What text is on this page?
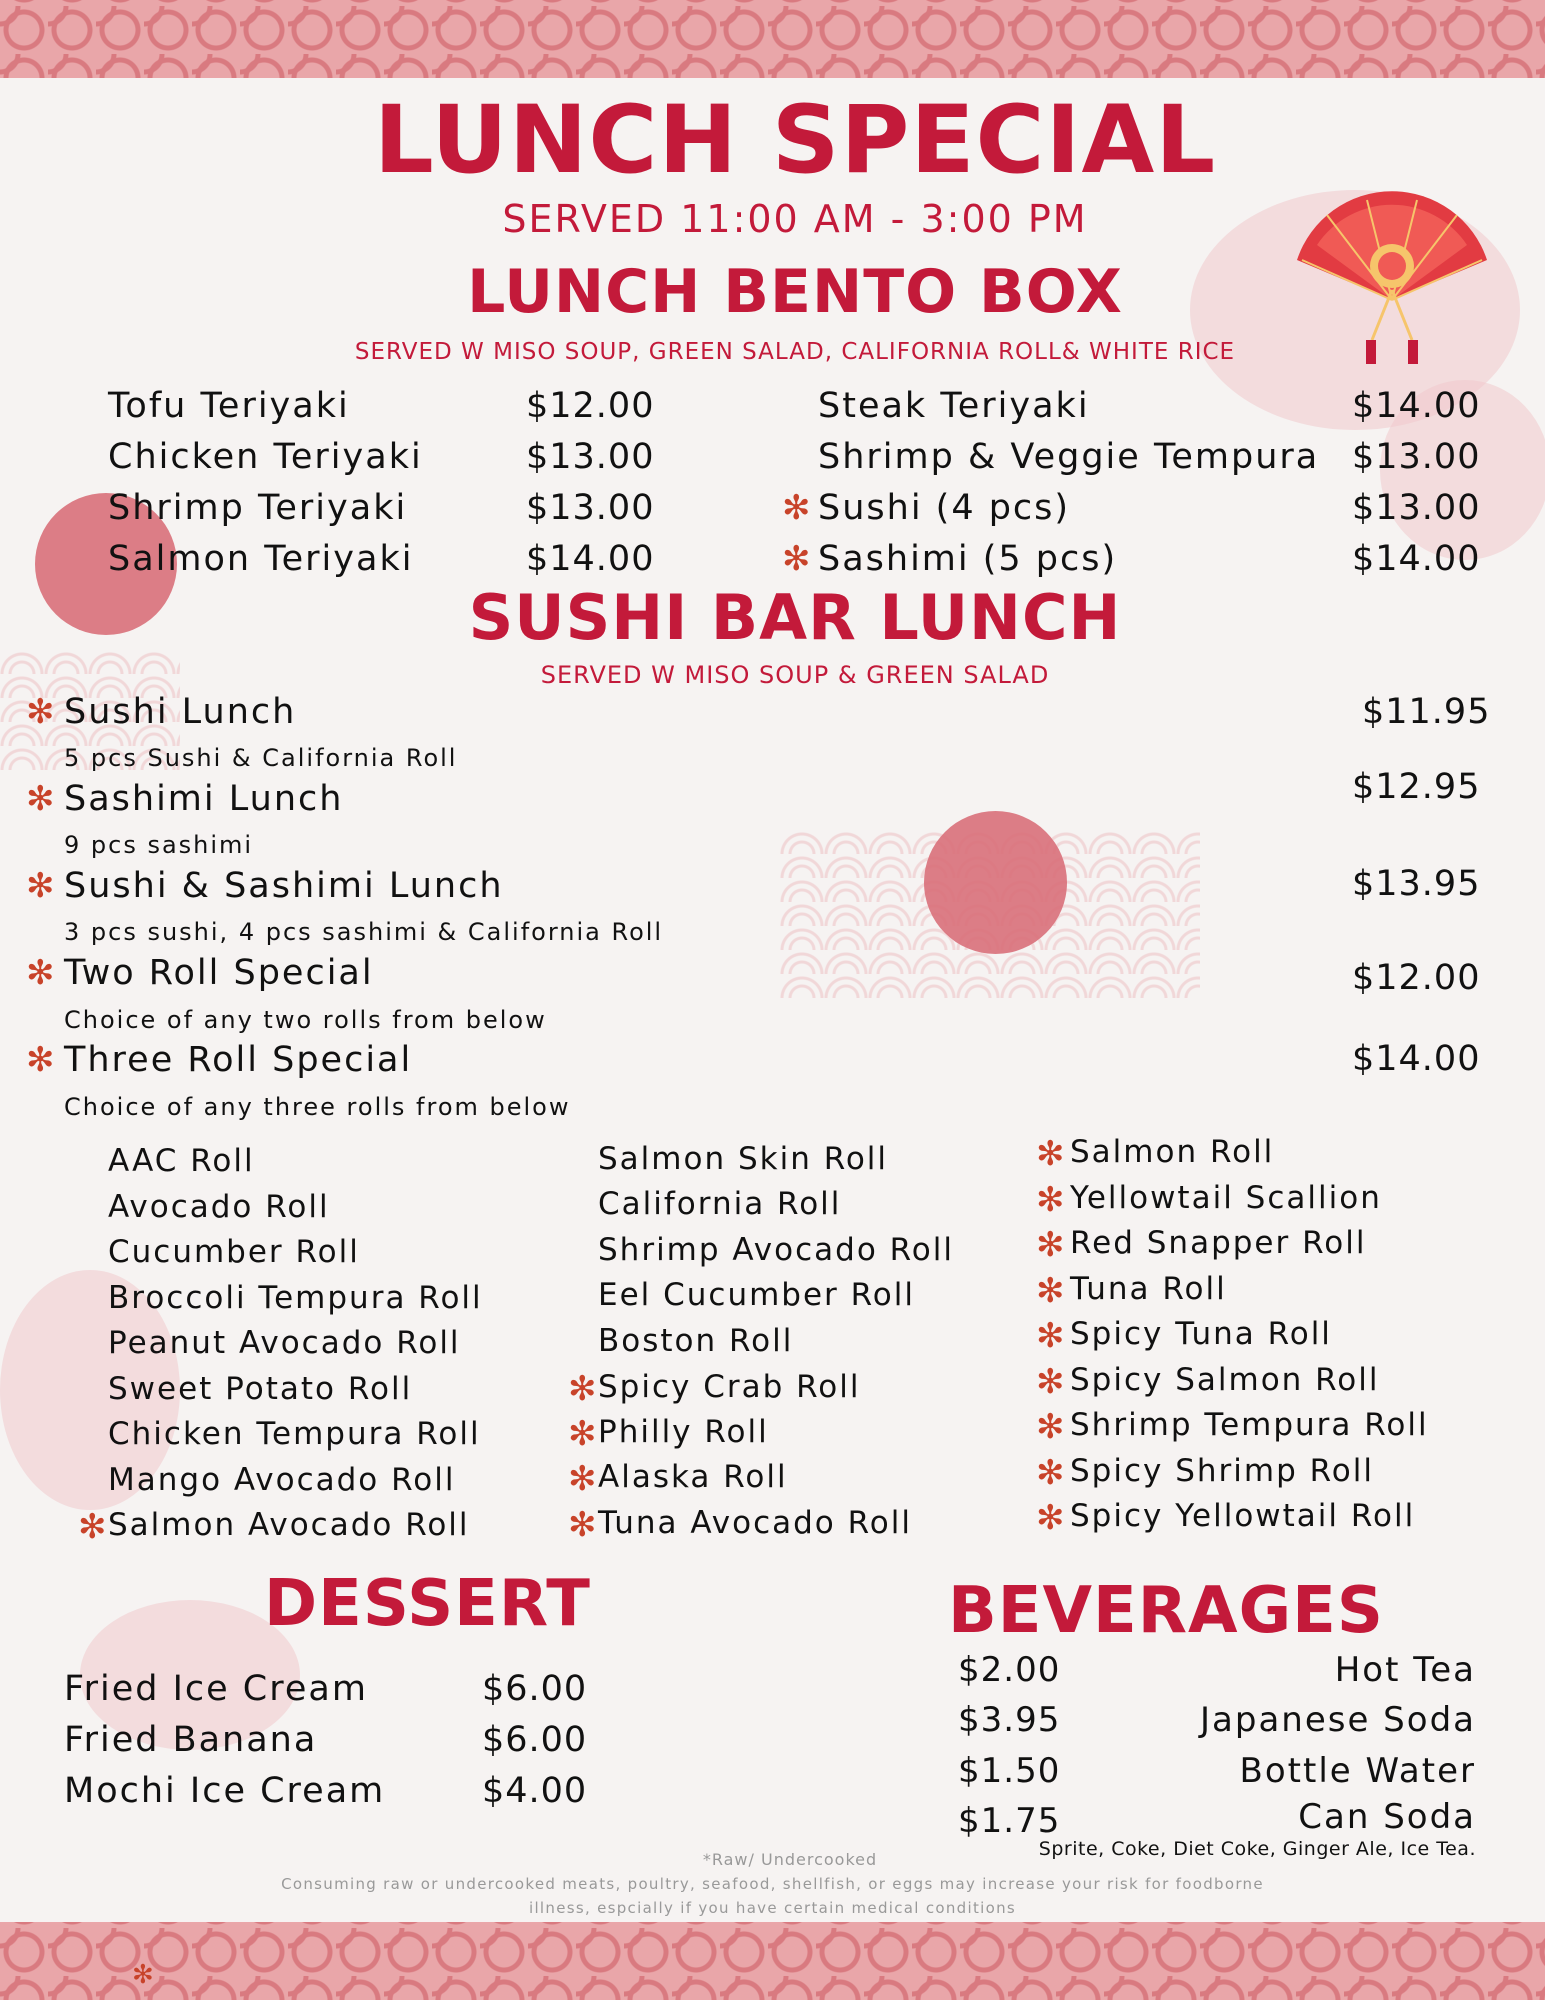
LUNCH SPECIAL
SERVED 11:00 AM - 3:00 PM
LUNCH BENTO BOX
SERVED W MISO SOUP, GREEN SALAD, CALIFORNIA ROLL& WHITE RICE
Tofu Teriyaki	$12.00
Chicken Teriyaki	$13.00
Shrimp Teriyaki	$13.00
Salmon Teriyaki	$14.00
Steak Teriyaki	$14.00
Shrimp & Veggie Tempura $13.00
✻ Sushi (4 pcs)	$13.00
✻ Sashimi (5 pcs)	$14.00
SUSHI BAR LUNCH
SERVED W MISO SOUP & GREEN SALAD
✻ Sushi Lunch
5 pcs Sushi & California Roll
$11.95
✻ Sashimi Lunch
9 pcs sashimi
$12.95
✻ Sushi & Sashimi Lunch
3 pcs sushi, 4 pcs sashimi & California Roll
$13.95
✻ Two Roll Special
Choice of any two rolls from below
$12.00
✻ Three Roll Special
Choice of any three rolls from below
$14.00
AAC Roll
Avocado Roll
Cucumber Roll
Broccoli Tempura Roll
Peanut Avocado Roll
Sweet Potato Roll
Chicken Tempura Roll
Mango Avocado Roll
✻ Salmon Avocado Roll
Salmon Skin Roll
California Roll
Shrimp Avocado Roll
Eel Cucumber Roll
Boston Roll
✻ Spicy Crab Roll
✻ Philly Roll
✻ Alaska Roll
✻ Tuna Avocado Roll
✻ Salmon Roll
✻ Yellowtail Scallion
✻ Red Snapper Roll
✻ Tuna Roll
✻ Spicy Tuna Roll
✻ Spicy Salmon Roll
✻ Shrimp Tempura Roll
✻ Spicy Shrimp Roll
✻ Spicy Yellowtail Roll
DESSERT
Fried Ice Cream	$6.00
Fried Banana	$6.00
Mochi Ice Cream	$4.00
BEVERAGES
$2.00	Hot Tea
$3.95	Japanese Soda
$1.50	Bottle Water
$1.75	Can Soda
Sprite, Coke, Diet Coke, Ginger Ale, Ice Tea.
*Raw/ Undercooked
Consuming raw or undercooked meats, poultry, seafood, shellfish, or eggs may increase your risk for foodborne
illness, espcially if you have certain medical conditions
✻
